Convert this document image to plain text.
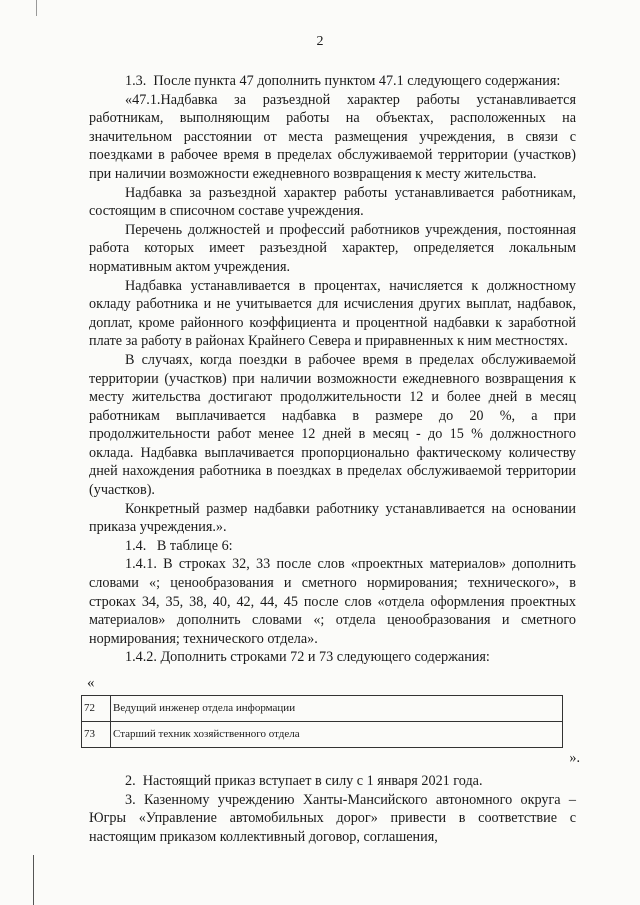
2

1.3.  После пункта 47 дополнить пунктом 47.1 следующего содержания:

«47.1.Надбавка за разъездной характер работы устанавливается работникам, выполняющим работы на объектах, расположенных на значительном расстоянии от места размещения учреждения, в связи с поездками в рабочее время в пределах обслуживаемой территории (участков) при наличии возможности ежедневного возвращения к месту жительства.

Надбавка за разъездной характер работы устанавливается работникам, состоящим в списочном составе учреждения.

Перечень должностей и профессий работников учреждения, постоянная работа которых имеет разъездной характер, определяется локальным нормативным актом учреждения.

Надбавка устанавливается в процентах, начисляется к должностному окладу работника и не учитывается для исчисления других выплат, надбавок, доплат, кроме районного коэффициента и процентной надбавки к заработной плате за работу в районах Крайнего Севера и приравненных к ним местностях.

В случаях, когда поездки в рабочее время в пределах обслуживаемой территории (участков) при наличии возможности ежедневного возвращения к месту жительства достигают продолжительности 12 и более дней в месяц работникам выплачивается надбавка в размере до 20 %, а при продолжительности работ менее 12 дней в месяц - до 15 % должностного оклада. Надбавка выплачивается пропорционально фактическому количеству дней нахождения работника в поездках в пределах обслуживаемой территории (участков).

Конкретный размер надбавки работнику устанавливается на основании приказа учреждения.».

1.4.   В таблице 6:

1.4.1. В строках 32, 33 после слов «проектных материалов» дополнить словами «; ценообразования и сметного нормирования; технического», в строках 34, 35, 38, 40, 42, 44, 45 после слов «отдела оформления проектных материалов» дополнить словами «; отдела ценообразования и сметного нормирования; технического отдела».

1.4.2. Дополнить строками 72 и 73 следующего содержания:

«
72	Ведущий инженер отдела информации
73	Старший техник хозяйственного отдела
».

2.  Настоящий приказ вступает в силу с 1 января 2021 года.

3. Казенному учреждению Ханты-Мансийского автономного округа – Югры «Управление автомобильных дорог» привести в соответствие с настоящим приказом коллективный договор, соглашения,
